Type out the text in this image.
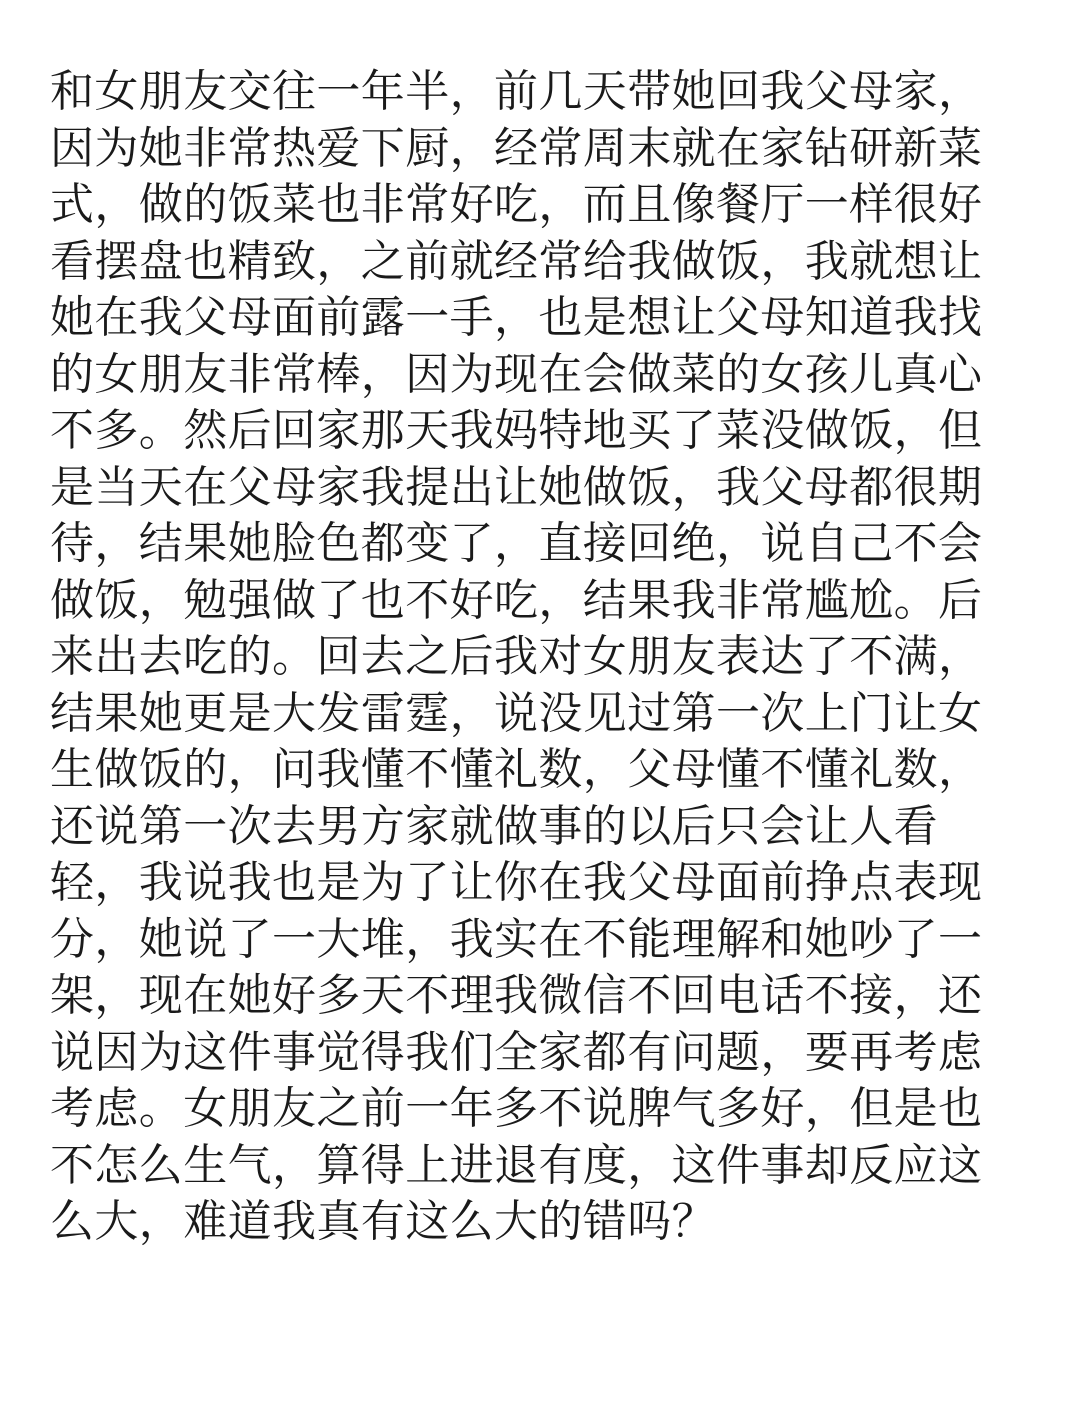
和女朋友交往一年半，前几天带她回我父母家，
因为她非常热爱下厨，经常周末就在家钻研新菜
式，做的饭菜也非常好吃，而且像餐厅一样很好
看摆盘也精致，之前就经常给我做饭，我就想让
她在我父母面前露一手，也是想让父母知道我找
的女朋友非常棒，因为现在会做菜的女孩儿真心
不多。然后回家那天我妈特地买了菜没做饭，但
是当天在父母家我提出让她做饭，我父母都很期
待，结果她脸色都变了，直接回绝，说自己不会
做饭，勉强做了也不好吃，结果我非常尴尬。后
来出去吃的。回去之后我对女朋友表达了不满，
结果她更是大发雷霆，说没见过第一次上门让女
生做饭的，问我懂不懂礼数，父母懂不懂礼数，
还说第一次去男方家就做事的以后只会让人看
轻，我说我也是为了让你在我父母面前挣点表现
分，她说了一大堆，我实在不能理解和她吵了一
架，现在她好多天不理我微信不回电话不接，还
说因为这件事觉得我们全家都有问题，要再考虑
考虑。女朋友之前一年多不说脾气多好，但是也
不怎么生气，算得上进退有度，这件事却反应这
么大，难道我真有这么大的错吗？
